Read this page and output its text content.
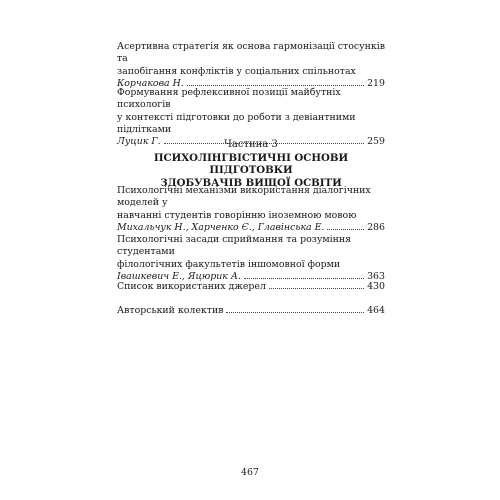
Асертивна стратегія як основа гармонізації стосунків та
запобігання конфліктів у соціальних спільнотах
Корчакова Н.	219
Формування рефлексивної позиції майбутніх психологів
у контексті підготовки до роботи з девіантними підлітками
Луцик Г.	259
Частина 3
ПСИХОЛІНГВІСТИЧНІ ОСНОВИ ПІДГОТОВКИ
ЗДОБУВАЧІВ ВИЩОЇ ОСВІТИ
Психологічні механізми використання діалогічних моделей у
навчанні студентів говорінню іноземною мовою
Михальчук Н., Харченко Є., Главінська Е.	286
Психологічні засади сприймання та розуміння студентами
філологічних факультетів іншомовної форми
Івашкевич Е., Яцюрик А.	363
Список використаних джерел	430
Авторський колектив	464
467
